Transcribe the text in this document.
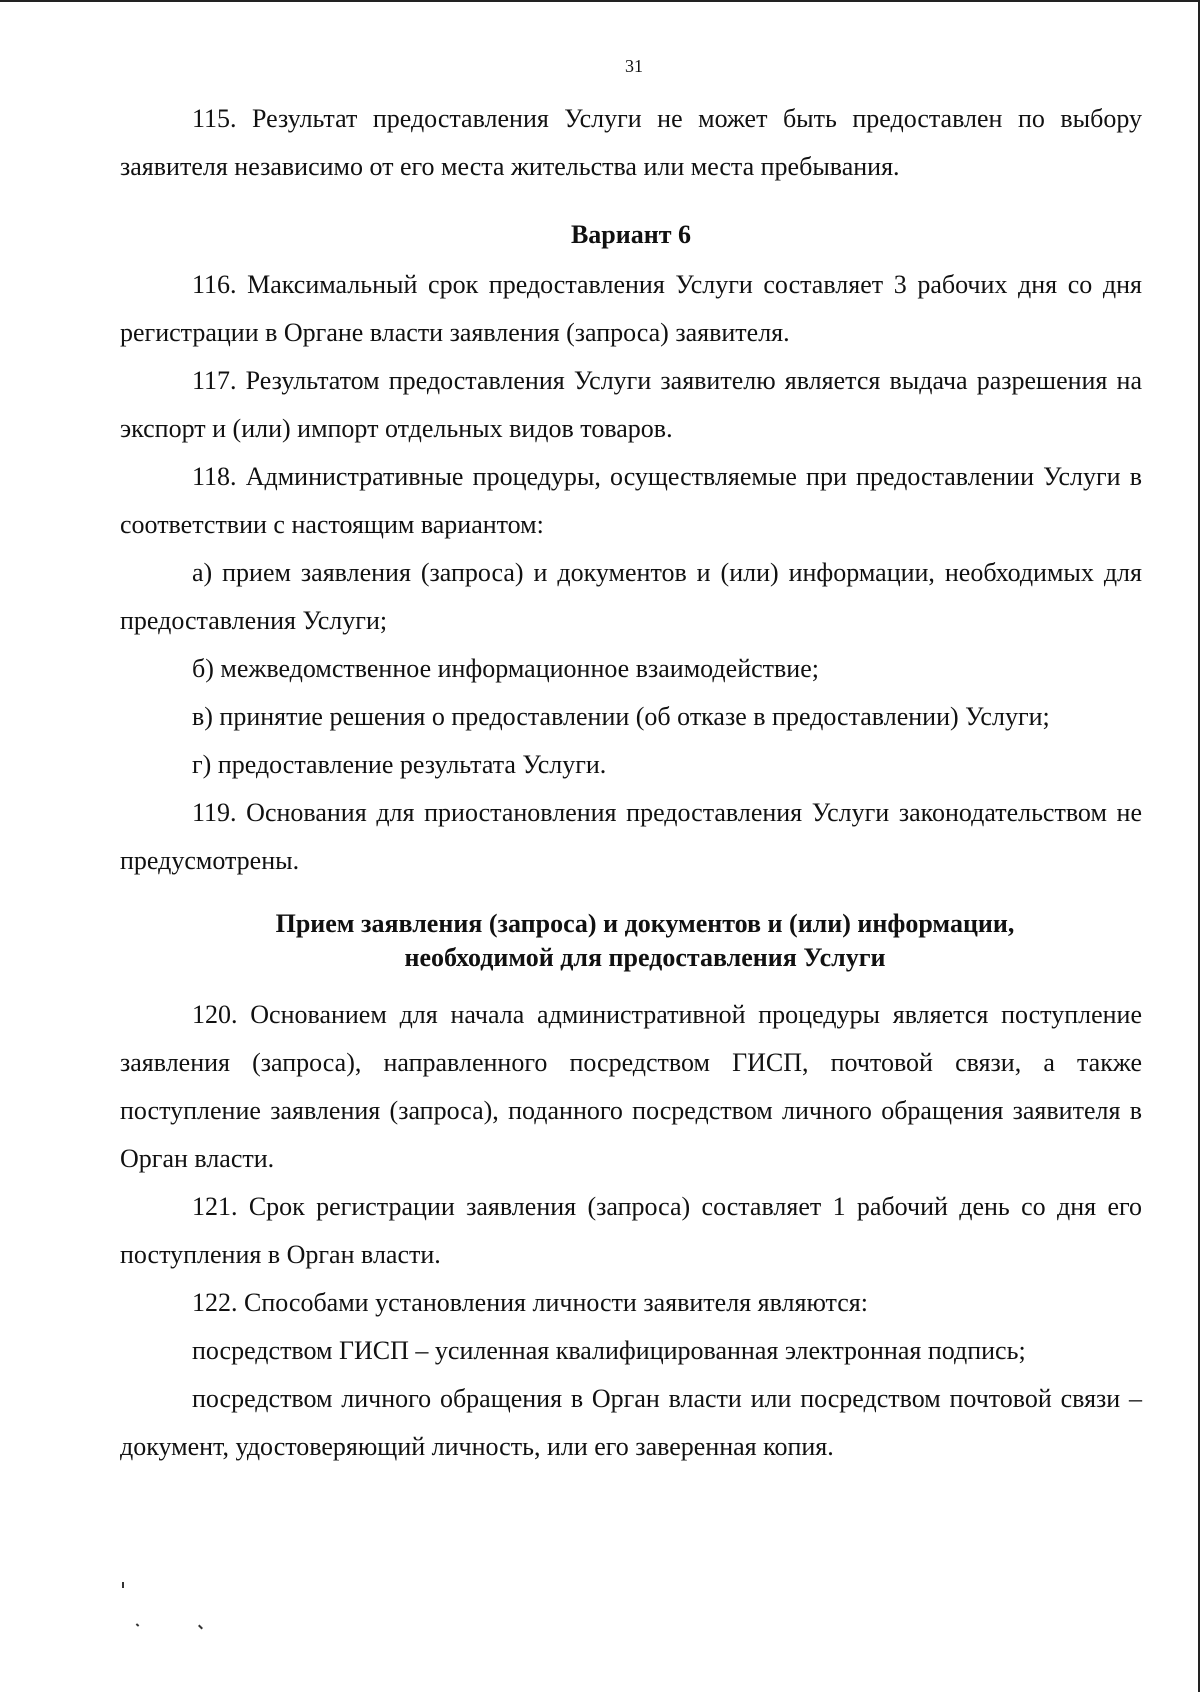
31

115. Результат предоставления Услуги не может быть предоставлен по выбору заявителя независимо от его места жительства или места пребывания.

Вариант 6

116. Максимальный срок предоставления Услуги составляет 3 рабочих дня со дня регистрации в Органе власти заявления (запроса) заявителя.

117. Результатом предоставления Услуги заявителю является выдача разрешения на экспорт и (или) импорт отдельных видов товаров.

118. Административные процедуры, осуществляемые при предоставлении Услуги в соответствии с настоящим вариантом:

а) прием заявления (запроса) и документов и (или) информации, необходимых для предоставления Услуги;

б) межведомственное информационное взаимодействие;

в) принятие решения о предоставлении (об отказе в предоставлении) Услуги;

г) предоставление результата Услуги.

119. Основания для приостановления предоставления Услуги законодательством не предусмотрены.

Прием заявления (запроса) и документов и (или) информации,
необходимой для предоставления Услуги

120. Основанием для начала административной процедуры является поступление заявления (запроса), направленного посредством ГИСП, почтовой связи, а также поступление заявления (запроса), поданного посредством личного обращения заявителя в Орган власти.

121. Срок регистрации заявления (запроса) составляет 1 рабочий день со дня его поступления в Орган власти.

122. Способами установления личности заявителя являются:

посредством ГИСП – усиленная квалифицированная электронная подпись;

посредством личного обращения в Орган власти или посредством почтовой связи – документ, удостоверяющий личность, или его заверенная копия.
